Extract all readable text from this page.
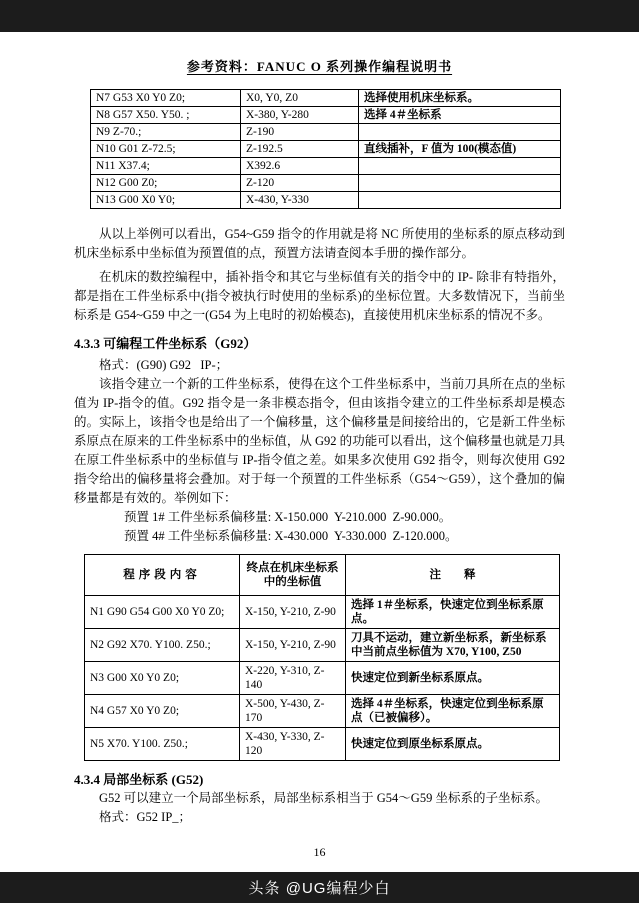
参考资料：FANUC O 系列操作编程说明书
N7 G53 X0 Y0 Z0;	X0, Y0, Z0	选择使用机床坐标系。
N8 G57 X50. Y50. ;	X-380, Y-280	选择 4＃坐标系
N9 Z-70.;	Z-190	
N10 G01 Z-72.5;	Z-192.5	直线插补，F 值为 100(模态值)
N11 X37.4;	X392.6	
N12 G00 Z0;	Z-120	
N13 G00 X0 Y0;	X-430, Y-330	

从以上举例可以看出，G54~G59 指令的作用就是将 NC 所使用的坐标系的原点移动到机床坐标系中坐标值为预置值的点，预置方法请查阅本手册的操作部分。

在机床的数控编程中，插补指令和其它与坐标值有关的指令中的 IP- 除非有特指外，都是指在工件坐标系中(指令被执行时使用的坐标系)的坐标位置。大多数情况下，当前坐标系是 G54~G59 中之一(G54 为上电时的初始模态)，直接使用机床坐标系的情况不多。

4.3.3 可编程工件坐标系（G92）
格式：(G90) G92   IP-；

该指令建立一个新的工件坐标系，使得在这个工件坐标系中，当前刀具所在点的坐标值为 IP-指令的值。G92 指令是一条非模态指令，但由该指令建立的工件坐标系却是模态的。实际上，该指令也是给出了一个偏移量，这个偏移量是间接给出的，它是新工件坐标系原点在原来的工件坐标系中的坐标值，从 G92 的功能可以看出，这个偏移量也就是刀具在原工件坐标系中的坐标值与 IP-指令值之差。如果多次使用 G92 指令，则每次使用 G92 指令给出的偏移量将会叠加。对于每一个预置的工件坐标系（G54～G59），这个叠加的偏移量都是有效的。举例如下：

预置 1# 工件坐标系偏移量: X-150.000  Y-210.000  Z-90.000。
预置 4# 工件坐标系偏移量: X-430.000  Y-330.000  Z-120.000。
程序段内容	终点在机床坐标系中的坐标值	注　　释
N1 G90 G54 G00 X0 Y0 Z0;	X-150, Y-210, Z-90	选择 1＃坐标系，快速定位到坐标系原点。
N2 G92 X70. Y100. Z50.;	X-150, Y-210, Z-90	刀具不运动，建立新坐标系，新坐标系中当前点坐标值为 X70, Y100, Z50
N3 G00 X0 Y0 Z0;	X-220, Y-310, Z-140	快速定位到新坐标系原点。
N4 G57 X0 Y0 Z0;	X-500, Y-430, Z-170	选择 4＃坐标系，快速定位到坐标系原点（已被偏移）。
N5 X70. Y100. Z50.;	X-430, Y-330, Z-120	快速定位到原坐标系原点。
4.3.4 局部坐标系 (G52)

G52 可以建立一个局部坐标系，局部坐标系相当于 G54～G59 坐标系的子坐标系。

格式：G52 IP_；
16
头条 @UG编程少白
